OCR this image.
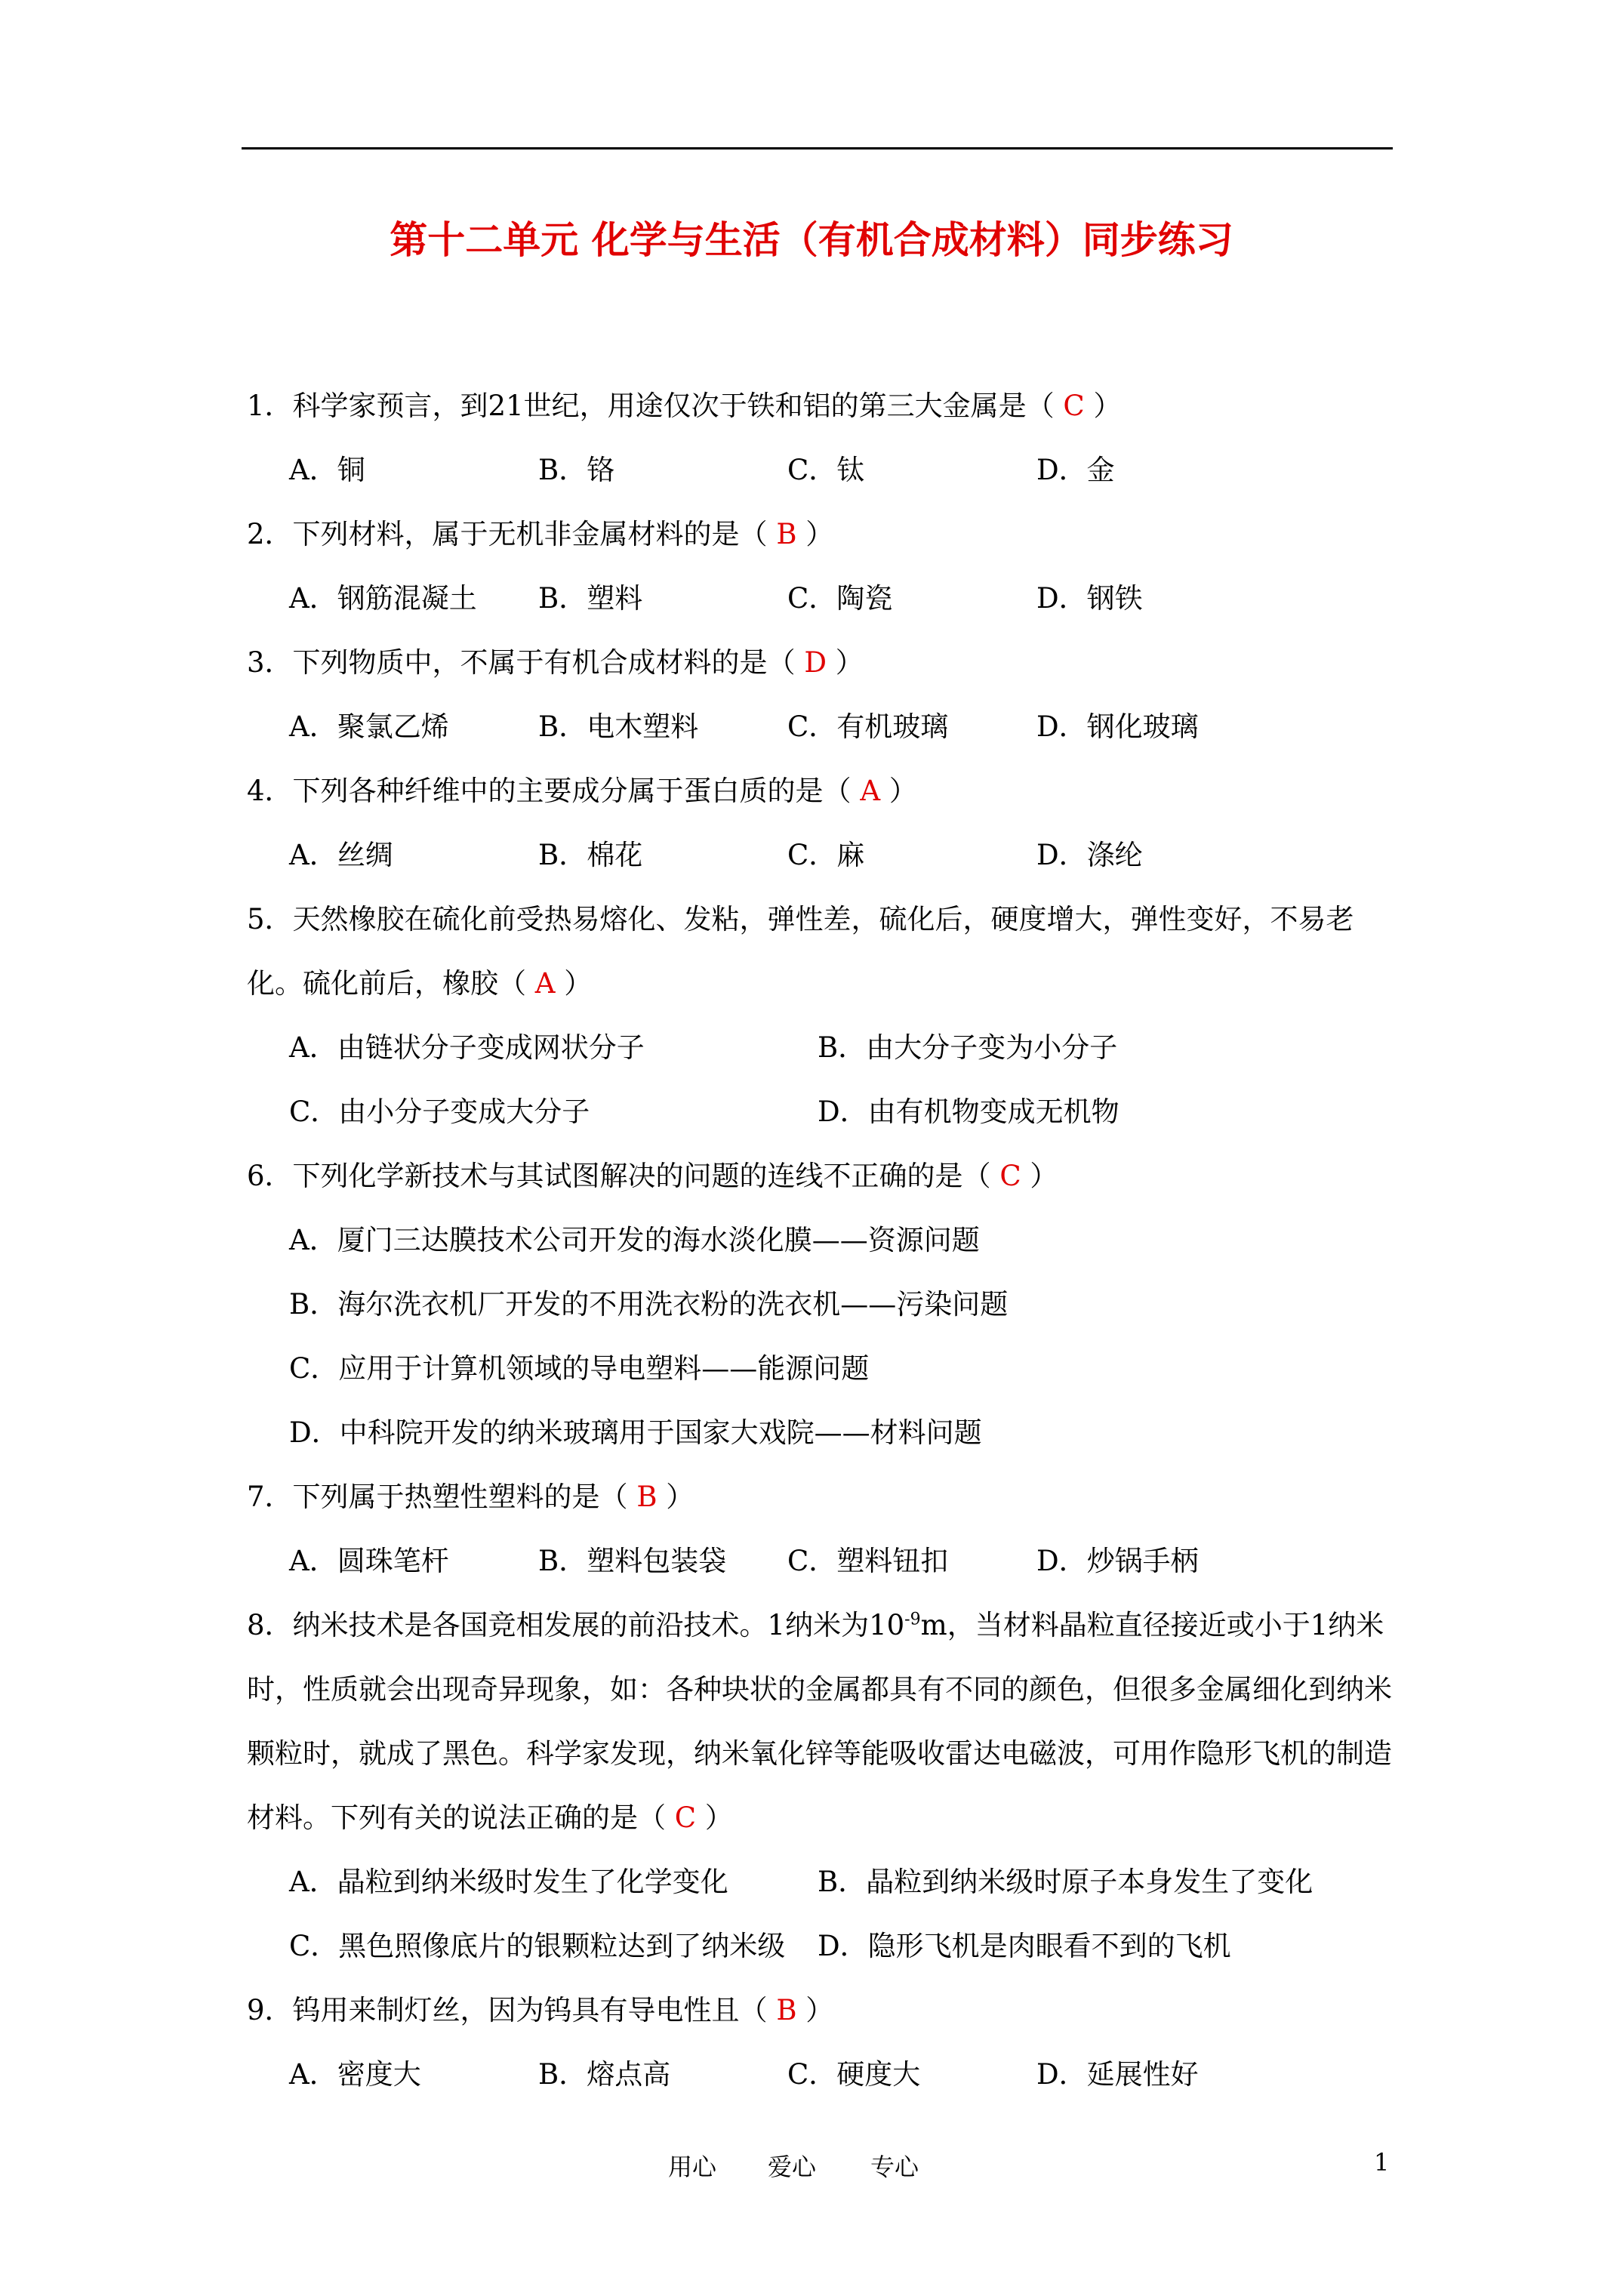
第十二单元 化学与生活（有机合成材料）同步练习
1．科学家预言，到21世纪，用途仅次于铁和铝的第三大金属是（ C ）
A．铜	B．铬	C．钛	D．金
2．下列材料，属于无机非金属材料的是（ B ）
A．钢筋混凝土	B．塑料	C．陶瓷	D．钢铁
3．下列物质中，不属于有机合成材料的是（ D ）
A．聚氯乙烯	B．电木塑料	C．有机玻璃	D．钢化玻璃
4．下列各种纤维中的主要成分属于蛋白质的是（ A ）
A．丝绸	B．棉花	C．麻	D．涤纶
5．天然橡胶在硫化前受热易熔化、发粘，弹性差，硫化后，硬度增大，弹性变好，不易老化。硫化前后，橡胶（ A ）
A．由链状分子变成网状分子	B．由大分子变为小分子
C．由小分子变成大分子	D．由有机物变成无机物
6．下列化学新技术与其试图解决的问题的连线不正确的是（ C ）
A．厦门三达膜技术公司开发的海水淡化膜——资源问题
B．海尔洗衣机厂开发的不用洗衣粉的洗衣机——污染问题
C．应用于计算机领域的导电塑料——能源问题
D．中科院开发的纳米玻璃用于国家大戏院——材料问题
7．下列属于热塑性塑料的是（ B ）
A．圆珠笔杆	B．塑料包装袋	C．塑料钮扣	D．炒锅手柄
8．纳米技术是各国竞相发展的前沿技术。1纳米为$10^{-9}m$，当材料晶粒直径接近或小于1纳米时，性质就会出现奇异现象，如：各种块状的金属都具有不同的颜色，但很多金属细化到纳米颗粒时，就成了黑色。科学家发现，纳米氧化锌等能吸收雷达电磁波，可用作隐形飞机的制造材料。下列有关的说法正确的是（ C ）
A．晶粒到纳米级时发生了化学变化	B．晶粒到纳米级时原子本身发生了变化
C．黑色照像底片的银颗粒达到了纳米级	D．隐形飞机是肉眼看不到的飞机
9．钨用来制灯丝，因为钨具有导电性且（ B ）
A．密度大	B．熔点高	C．硬度大	D．延展性好
用心 爱心 专心	1
